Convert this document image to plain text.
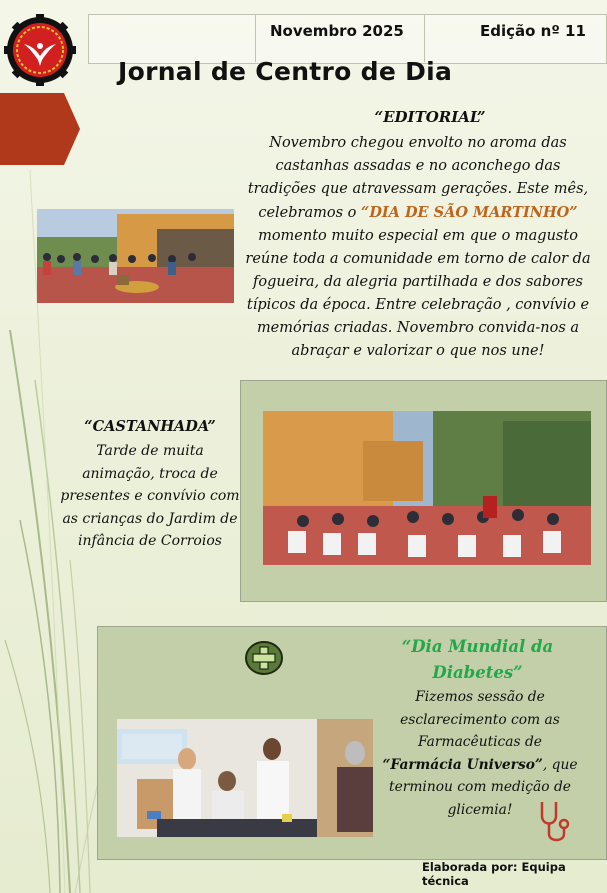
Novembro 2025	Edição nº 11
Jornal de Centro de Dia
“EDITORIAL”
Novembro chegou envolto no aroma das
castanhas assadas e no aconchego das
tradições que atravessam gerações. Este mês,
celebramos o “DIA DE SÃO MARTINHO”
momento muito especial em que o magusto
reúne toda a comunidade em torno de calor da
fogueira, da alegria partilhada e dos sabores
típicos da época. Entre celebração , convívio e
memórias criadas. Novembro convida-nos a
abraçar e valorizar o que nos une!
“CASTANHADA”
Tarde de muita animação, troca de presentes e convívio com as crianças do Jardim de infância de Corroios
“Dia Mundial da Diabetes”
Fizemos sessão de esclarecimento com as Farmacêuticas de “Farmácia Universo”, que terminou com medição de glicemia!
Elaborada por: Equipa técnica
